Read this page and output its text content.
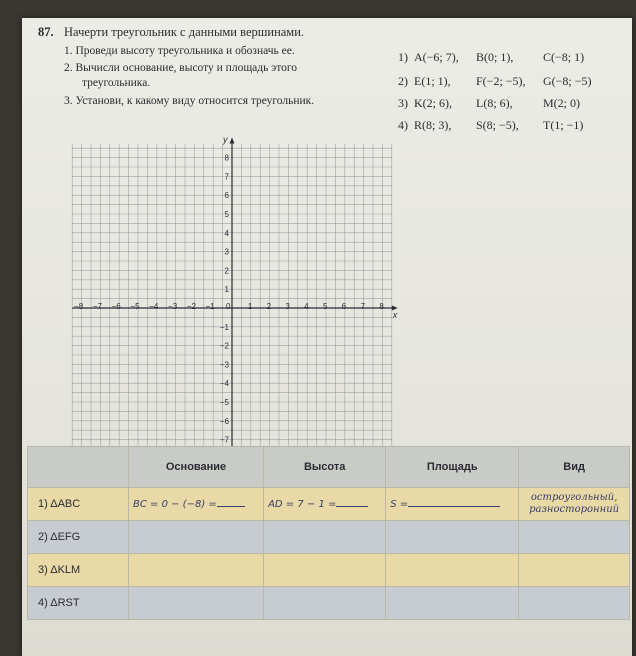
87. Начерти треугольник с данными вершинами.
1. Проведи высоту треугольника и обозначь ее.
2. Вычисли основание, высоту и площадь этого
треугольника.
3. Установи, к какому виду относится треугольник.
1) A(−6; 7), B(0; 1), C(−8; 1)
2) E(1; 1), F(−2; −5), G(−8; −5)
3) K(2; 6), L(8; 6),	M(2; 0)
4) R(8; 3), S(8; −5), T(1; −1)
−8 −7 −6 −5 −4 −3 −2 −1 0 1 2 3 4 5 6 7 8
8
7
6
5
4
3
2
1
−1
−2
−3
−4
−5
−6
−7
x
y
	Основание	Высота	Площадь	Вид
1) ΔABC	BC = 0 − (−8) =	AD = 7 − 1 =	S =	остроугольный,
разносторонний

2) ΔEFG				
3) ΔKLM				
4) ΔRST				
